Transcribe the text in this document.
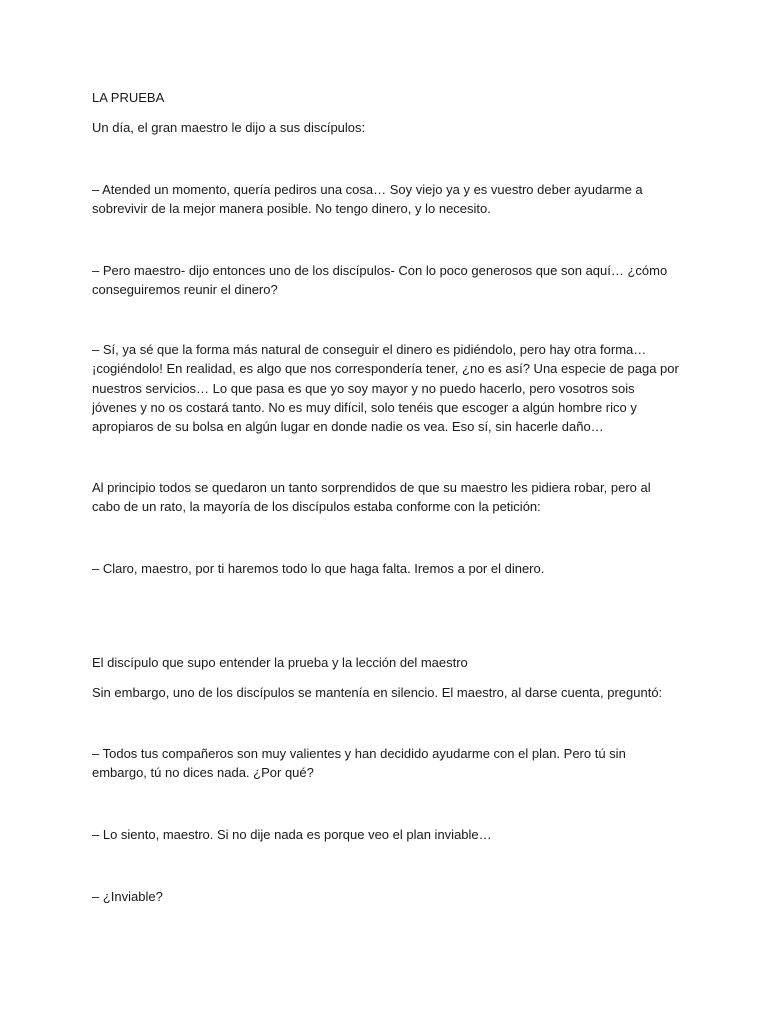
LA PRUEBA

Un día, el gran maestro le dijo a sus discípulos:

– Atended un momento, quería pediros una cosa… Soy viejo ya y es vuestro deber ayudarme a sobrevivir de la mejor manera posible. No tengo dinero, y lo necesito.

– Pero maestro- dijo entonces uno de los discípulos- Con lo poco generosos que son aquí… ¿cómo conseguiremos reunir el dinero?

– Sí, ya sé que la forma más natural de conseguir el dinero es pidiéndolo, pero hay otra forma… ¡cogiéndolo! En realidad, es algo que nos correspondería tener, ¿no es así? Una especie de paga por nuestros servicios… Lo que pasa es que yo soy mayor y no puedo hacerlo, pero vosotros sois jóvenes y no os costará tanto. No es muy difícil, solo tenéis que escoger a algún hombre rico y apropiaros de su bolsa en algún lugar en donde nadie os vea. Eso sí, sin hacerle daño…

Al principio todos se quedaron un tanto sorprendidos de que su maestro les pidiera robar, pero al cabo de un rato, la mayoría de los discípulos estaba conforme con la petición:

– Claro, maestro, por ti haremos todo lo que haga falta. Iremos a por el dinero.

El discípulo que supo entender la prueba y la lección del maestro

Sin embargo, uno de los discípulos se mantenía en silencio. El maestro, al darse cuenta, preguntó:

– Todos tus compañeros son muy valientes y han decidido ayudarme con el plan. Pero tú sin embargo, tú no dices nada. ¿Por qué?

– Lo siento, maestro. Si no dije nada es porque veo el plan inviable…

– ¿Inviable?
